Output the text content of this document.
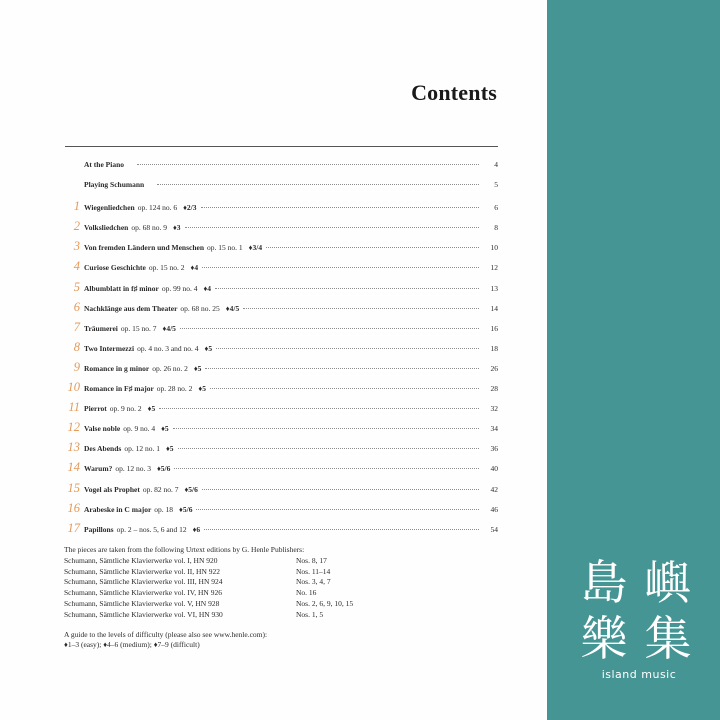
Contents
At the Piano	4
Playing Schumann	5
1 Wiegenliedchen op. 124 no. 6 ♦2/3	6
2 Volksliedchen op. 68 no. 9 ♦3	8
3 Von fremden Ländern und Menschen op. 15 no. 1 ♦3/4	10
4 Curiose Geschichte op. 15 no. 2 ♦4	12
5 Albumblatt in f♯ minor op. 99 no. 4 ♦4	13
6 Nachklänge aus dem Theater op. 68 no. 25 ♦4/5	14
7 Träumerei op. 15 no. 7 ♦4/5	16
8 Two Intermezzi op. 4 no. 3 and no. 4 ♦5	18
9 Romance in g minor op. 26 no. 2 ♦5	26
10 Romance in F♯ major op. 28 no. 2 ♦5	28
11 Pierrot op. 9 no. 2 ♦5	32
12 Valse noble op. 9 no. 4 ♦5	34
13 Des Abends op. 12 no. 1 ♦5	36
14 Warum? op. 12 no. 3 ♦5/6	40
15 Vogel als Prophet op. 82 no. 7 ♦5/6	42
16 Arabeske in C major op. 18 ♦5/6	46
17 Papillons op. 2 – nos. 5, 6 and 12 ♦6	54
The pieces are taken from the following Urtext editions by G. Henle Publishers:
Schumann, Sämtliche Klavierwerke vol. I, HN 920	Nos. 8, 17
Schumann, Sämtliche Klavierwerke vol. II, HN 922	Nos. 11–14
Schumann, Sämtliche Klavierwerke vol. III, HN 924	Nos. 3, 4, 7
Schumann, Sämtliche Klavierwerke vol. IV, HN 926	No. 16
Schumann, Sämtliche Klavierwerke vol. V, HN 928	Nos. 2, 6, 9, 10, 15
Schumann, Sämtliche Klavierwerke vol. VI, HN 930	Nos. 1, 5
A guide to the levels of difficulty (please also see www.henle.com):
♦1–3 (easy); ♦4–6 (medium); ♦7–9 (difficult)
島 嶼
樂 集
island music
